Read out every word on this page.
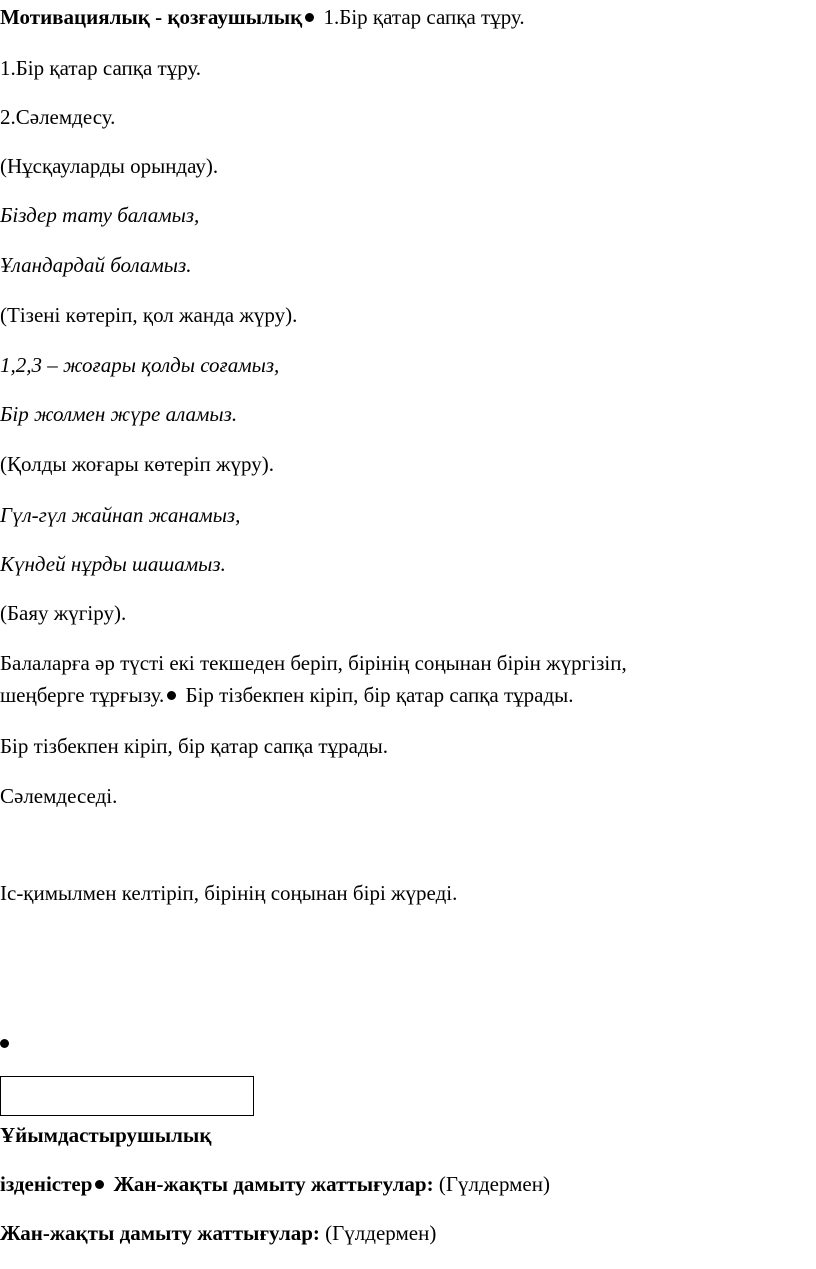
Мотивациялық - қозғаушылық 1.Бір қатар сапқа тұру.
1.Бір қатар сапқа тұру.
2.Сәлемдесу.
(Нұсқауларды орындау).
Біздер тату баламыз,
Ұландардай боламыз.
(Тізені көтеріп, қол жанда жүру).
1,2,3 – жоғары қолды соғамыз,
Бір жолмен жүре аламыз.
(Қолды жоғары көтеріп жүру).
Гүл-гүл жайнап жанамыз,
Күндей нұрды шашамыз.
(Баяу жүгіру).
Балаларға әр түсті екі текшеден беріп, бірінің соңынан бірін жүргізіп,
шеңберге тұрғызу. Бір тізбекпен кіріп, бір қатар сапқа тұрады.
Бір тізбекпен кіріп, бір қатар сапқа тұрады.
Сәлемдеседі.
Іс-қимылмен келтіріп, бірінің соңынан бірі жүреді.
Ұйымдастырушылық
ізденістер Жан-жақты дамыту жаттығулар: (Гүлдермен)
Жан-жақты дамыту жаттығулар: (Гүлдермен)
